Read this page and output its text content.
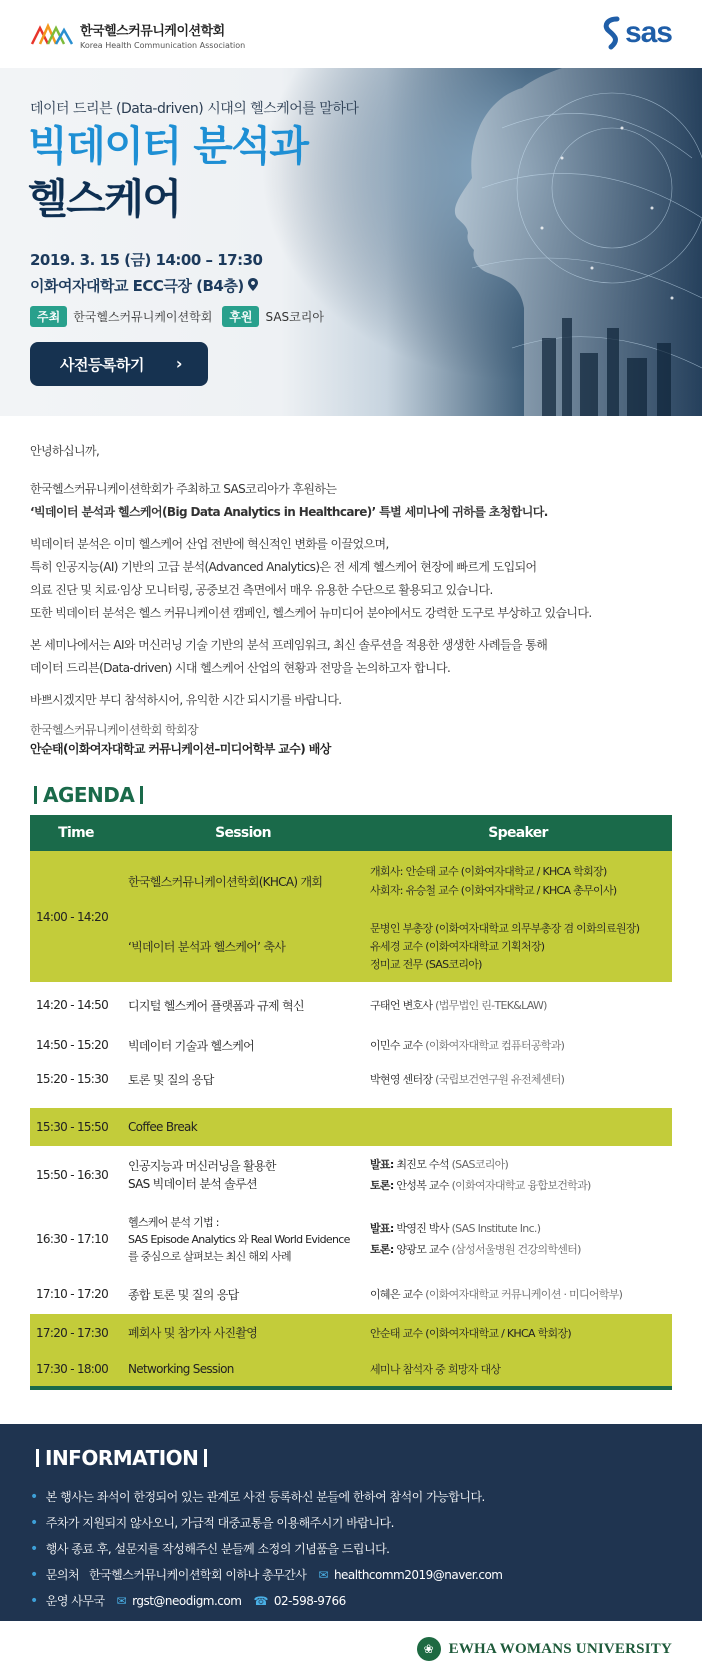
한국헬스커뮤니케이션학회
Korea Health Communication Association	sas
데이터 드리븐 (Data-driven) 시대의 헬스케어를 말하다
빅데이터 분석과
헬스케어
2019. 3. 15 (금) 14:00 – 17:30
이화여자대학교 ECC극장 (B4층)
주최	한국헬스커뮤니케이션학회	후원	SAS코리아
사전등록하기 ›

안녕하십니까,

한국헬스커뮤니케이션학회가 주최하고 SAS코리아가 후원하는
‘빅데이터 분석과 헬스케어(Big Data Analytics in Healthcare)’ 특별 세미나에 귀하를 초청합니다.

빅데이터 분석은 이미 헬스케어 산업 전반에 혁신적인 변화를 이끌었으며,
특히 인공지능(AI) 기반의 고급 분석(Advanced Analytics)은 전 세계 헬스케어 현장에 빠르게 도입되어
의료 진단 및 치료·임상 모니터링, 공중보건 측면에서 매우 유용한 수단으로 활용되고 있습니다.
또한 빅데이터 분석은 헬스 커뮤니케이션 캠페인, 헬스케어 뉴미디어 분야에서도 강력한 도구로 부상하고 있습니다.

본 세미나에서는 AI와 머신러닝 기술 기반의 분석 프레임워크, 최신 솔루션을 적용한 생생한 사례들을 통해
데이터 드리븐(Data-driven) 시대 헬스케어 산업의 현황과 전망을 논의하고자 합니다.

바쁘시겠지만 부디 참석하시어, 유익한 시간 되시기를 바랍니다.

한국헬스커뮤니케이션학회 학회장
안순태(이화여자대학교 커뮤니케이션–미디어학부 교수) 배상
AGENDA
Time	Session	Speaker
14:00 - 14:20	한국헬스커뮤니케이션학회(KHCA) 개회	개회사: 안순태 교수 (이화여자대학교 / KHCA 학회장)
사회자: 유승철 교수 (이화여자대학교 / KHCA 총무이사)
	‘빅데이터 분석과 헬스케어’ 축사	문병인 부총장 (이화여자대학교 의무부총장 겸 이화의료원장)
유세경 교수 (이화여자대학교 기획처장)
정미교 전무 (SAS코리아)
14:20 - 14:50	디지털 헬스케어 플랫폼과 규제 혁신	구태언 변호사 (법무법인 린-TEK&LAW)
14:50 - 15:20	빅데이터 기술과 헬스케어	이민수 교수 (이화여자대학교 컴퓨터공학과)
15:20 - 15:30	토론 및 질의 응답	박현영 센터장 (국립보건연구원 유전체센터)

15:30 - 15:50	Coffee Break	
15:50 - 16:30	인공지능과 머신러닝을 활용한
SAS 빅데이터 분석 솔루션	발표: 최진모 수석 (SAS코리아)
토론: 안성복 교수 (이화여자대학교 융합보건학과)
16:30 - 17:10	헬스케어 분석 기법 :
SAS Episode Analytics 와 Real World Evidence
를 중심으로 살펴보는 최신 해외 사례	발표: 박영진 박사 (SAS Institute Inc.)
토론: 양광모 교수 (삼성서울병원 건강의학센터)
17:10 - 17:20	종합 토론 및 질의 응답	이혜은 교수 (이화여자대학교 커뮤니케이션 · 미디어학부)
17:20 - 17:30	폐회사 및 참가자 사진촬영	안순태 교수 (이화여자대학교 / KHCA 학회장)
17:30 - 18:00	Networking Session	세미나 참석자 중 희망자 대상
INFORMATION
• 본 행사는 좌석이 한정되어 있는 관계로 사전 등록하신 분들에 한하여 참석이 가능합니다.
• 주차가 지원되지 않사오니, 가급적 대중교통을 이용해주시기 바랍니다.
• 행사 종료 후, 설문지를 작성해주신 분들께 소정의 기념품을 드립니다.
• 문의처   한국헬스커뮤니케이션학회 이하나 총무간사 ✉ healthcomm2019@naver.com
• 운영 사무국 ✉ rgst@neodigm.com ☎ 02-598-9766
❀ EWHA WOMANS UNIVERSITY
